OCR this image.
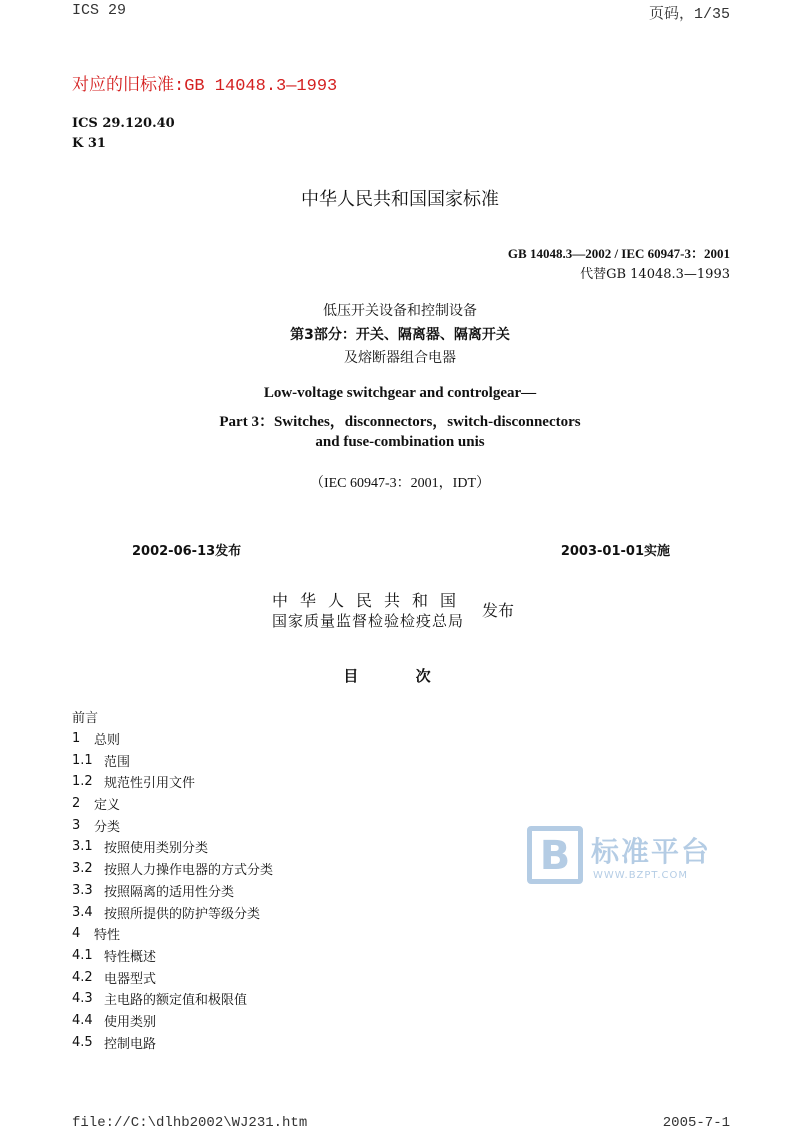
ICS 29	页码，1/35
对应的旧标准:GB 14048.3—1993
ICS 29.120.40
K 31
中华人民共和国国家标准
GB 14048.3—2002 / IEC 60947-3：2001
代替GB 14048.3—1993
低压开关设备和控制设备
第3部分：开关、隔离器、隔离开关
及熔断器组合电器
Low-voltage switchgear and controlgear—
Part 3：Switches，disconnectors，switch-disconnectors
and fuse-combination unis
（IEC 60947-3：2001，IDT）
2002-06-13发布	2003-01-01实施
中华人民共和国
国家质量监督检验检疫总局
发布
目 次
前言
1	总则
1.1 范围
1.2 规范性引用文件
2	定义
3	分类
3.1 按照使用类别分类
3.2 按照人力操作电器的方式分类
3.3 按照隔离的适用性分类
3.4 按照所提供的防护等级分类
4	特性
4.1 特性概述
4.2 电器型式
4.3 主电路的额定值和极限值
4.4 使用类别
4.5 控制电路
B 标准平台
WWW.BZPT.COM
file://C:\dlhb2002\WJ231.htm	2005-7-1
